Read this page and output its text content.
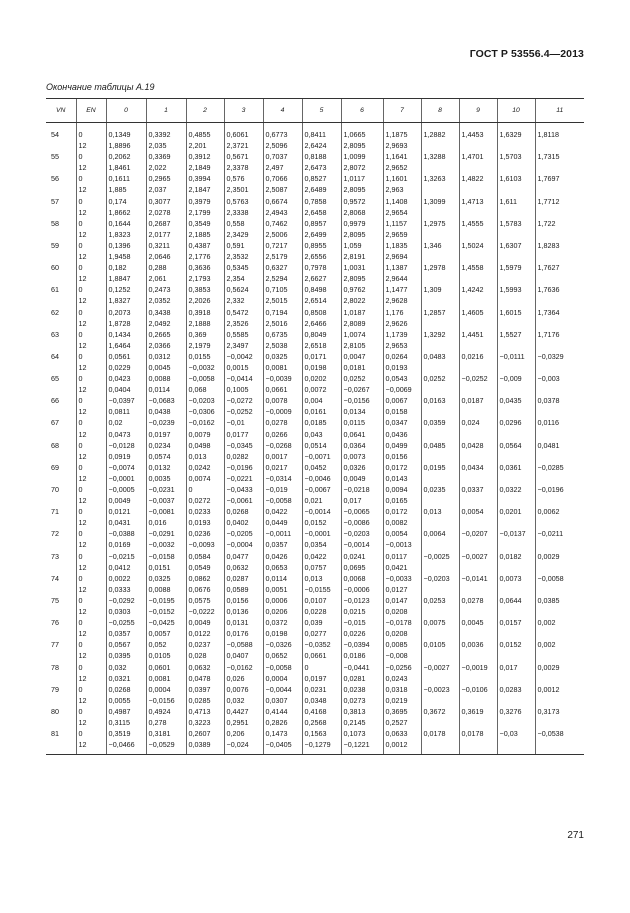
ГОСТ Р 53556.4—2013
Окончание таблицы А.19
VN	EN	0	1	2	3	4	5	6	7	8	9	10	11
54	0	0,1349	0,3392	0,4855	0,6061	0,6773	0,8411	1,0665	1,1875	1,2882	1,4453	1,6329	1,8118
	12	1,8896	2,035	2,201	2,3721	2,5096	2,6424	2,8095	2,9693				
55	0	0,2062	0,3369	0,3912	0,5671	0,7037	0,8188	1,0099	1,1641	1,3288	1,4701	1,5703	1,7315
	12	1,8461	2,022	2,1849	2,3378	2,497	2,6473	2,8072	2,9652				
56	0	0,1611	0,2965	0,3994	0,576	0,7066	0,8527	1,0117	1,1601	1,3263	1,4822	1,6103	1,7697
	12	1,885	2,037	2,1847	2,3501	2,5087	2,6489	2,8095	2,963				
57	0	0,174	0,3077	0,3979	0,5763	0,6674	0,7858	0,9572	1,1408	1,3099	1,4713	1,611	1,7712
	12	1,8662	2,0278	2,1799	2,3338	2,4943	2,6458	2,8068	2,9654				
58	0	0,1644	0,2687	0,3549	0,558	0,7462	0,8957	0,9979	1,1157	1,2975	1,4555	1,5783	1,722
	12	1,8323	2,0177	2,1885	2,3429	2,5006	2,6499	2,8095	2,9659				
59	0	0,1396	0,3211	0,4387	0,591	0,7217	0,8955	1,059	1,1835	1,346	1,5024	1,6307	1,8283
	12	1,9458	2,0646	2,1776	2,3532	2,5179	2,6556	2,8191	2,9694				
60	0	0,182	0,288	0,3636	0,5345	0,6327	0,7978	1,0031	1,1387	1,2978	1,4558	1,5979	1,7627
	12	1,8847	2,061	2,1793	2,354	2,5294	2,6627	2,8095	2,9644				
61	0	0,1252	0,2473	0,3853	0,5624	0,7105	0,8498	0,9762	1,1477	1,309	1,4242	1,5993	1,7636
	12	1,8327	2,0352	2,2026	2,332	2,5015	2,6514	2,8022	2,9628				
62	0	0,2073	0,3438	0,3918	0,5472	0,7194	0,8508	1,0187	1,176	1,2857	1,4605	1,6015	1,7364
	12	1,8728	2,0492	2,1888	2,3526	2,5016	2,6466	2,8089	2,9626				
63	0	0,1434	0,2665	0,369	0,5585	0,6735	0,8049	1,0074	1,1739	1,3292	1,4451	1,5527	1,7176
	12	1,6464	2,0366	2,1979	2,3497	2,5038	2,6518	2,8105	2,9653				
64	0	0,0561	0,0312	0,0155	−0,0042	0,0325	0,0171	0,0047	0,0264	0,0483	0,0216	−0,0111	−0,0329
	12	0,0229	0,0045	−0,0032	0,0015	0,0081	0,0198	0,0181	0,0193				
65	0	0,0423	0,0088	−0,0058	−0,0414	−0,0039	0,0202	0,0252	0,0543	0,0252	−0,0252	−0,009	−0,003
	12	0,0404	0,0114	0,068	0,1005	0,0661	0,0072	−0,0267	−0,0069				
66	0	−0,0397	−0,0683	−0,0203	−0,0272	0,0078	0,004	−0,0156	0,0067	0,0163	0,0187	0,0435	0,0378
	12	0,0811	0,0438	−0,0306	−0,0252	−0,0009	0,0161	0,0134	0,0158				
67	0	0,02	−0,0239	−0,0162	−0,01	0,0278	0,0185	0,0115	0,0347	0,0359	0,024	0,0296	0,0116
	12	0,0473	0,0197	0,0079	0,0177	0,0266	0,043	0,0641	0,0436				
68	0	−0,0128	0,0234	0,0498	−0,0345	−0,0268	0,0514	0,0364	0,0499	0,0485	0,0428	0,0564	0,0481
	12	0,0919	0,0574	0,013	0,0282	0,0017	−0,0071	0,0073	0,0156				
69	0	−0,0074	0,0132	0,0242	−0,0196	0,0217	0,0452	0,0326	0,0172	0,0195	0,0434	0,0361	−0,0285
	12	−0,0001	0,0035	0,0074	−0,0221	−0,0314	−0,0046	0,0049	0,0143				
70	0	−0,0005	−0,0231	0	−0,0433	−0,019	−0,0067	−0,0218	0,0094	0,0235	0,0337	0,0322	−0,0196
	12	0,0049	−0,0037	0,0272	−0,0061	−0,0058	0,021	0,017	0,0165				
71	0	0,0121	−0,0081	0,0233	0,0268	0,0422	−0,0014	−0,0065	0,0172	0,013	0,0054	0,0201	0,0062
	12	0,0431	0,016	0,0193	0,0402	0,0449	0,0152	−0,0086	0,0082				
72	0	−0,0388	−0,0291	0,0236	−0,0205	−0,0011	−0,0001	−0,0203	0,0054	0,0064	−0,0207	−0,0137	−0,0211
	12	0,0169	−0,0032	−0,0093	−0,0004	0,0357	0,0354	−0,0014	−0,0013				
73	0	−0,0215	−0,0158	0,0584	0,0477	0,0426	0,0422	0,0241	0,0117	−0,0025	−0,0027	0,0182	0,0029
	12	0,0412	0,0151	0,0549	0,0632	0,0653	0,0757	0,0695	0,0421				
74	0	0,0022	0,0325	0,0862	0,0287	0,0114	0,013	0,0068	−0,0033	−0,0203	−0,0141	0,0073	−0,0058
	12	0,0333	0,0088	0,0676	0,0589	0,0051	−0,0155	−0,0006	0,0127				
75	0	−0,0292	−0,0195	0,0575	0,0156	0,0006	0,0107	−0,0123	0,0147	0,0253	0,0278	0,0644	0,0385
	12	0,0303	−0,0152	−0,0222	0,0136	0,0206	0,0228	0,0215	0,0208				
76	0	−0,0255	−0,0425	0,0049	0,0131	0,0372	0,039	−0,015	−0,0178	0,0075	0,0045	0,0157	0,002
	12	0,0357	0,0057	0,0122	0,0176	0,0198	0,0277	0,0226	0,0208				
77	0	0,0567	0,052	0,0237	−0,0588	−0,0326	−0,0352	−0,0394	0,0085	0,0105	0,0036	0,0152	0,002
	12	0,0395	0,0105	0,028	0,0407	0,0652	0,0661	0,0186	−0,008				
78	0	0,032	0,0601	0,0632	−0,0162	−0,0058	0	−0,0441	−0,0256	−0,0027	−0,0019	0,017	0,0029
	12	0,0321	0,0081	0,0478	0,026	0,0004	0,0197	0,0281	0,0243				
79	0	0,0268	0,0004	0,0397	0,0076	−0,0044	0,0231	0,0238	0,0318	−0,0023	−0,0106	0,0283	0,0012
	12	0,0055	−0,0156	0,0285	0,032	0,0307	0,0348	0,0273	0,0219				
80	0	0,4987	0,4924	0,4713	0,4427	0,4144	0,4168	0,3813	0,3695	0,3672	0,3619	0,3276	0,3173
	12	0,3115	0,278	0,3223	0,2951	0,2826	0,2568	0,2145	0,2527				
81	0	0,3519	0,3181	0,2607	0,206	0,1473	0,1563	0,1073	0,0633	0,0178	0,0178	−0,03	−0,0538
	12	−0,0466	−0,0529	0,0389	−0,024	−0,0405	−0,1279	−0,1221	0,0012				
271
